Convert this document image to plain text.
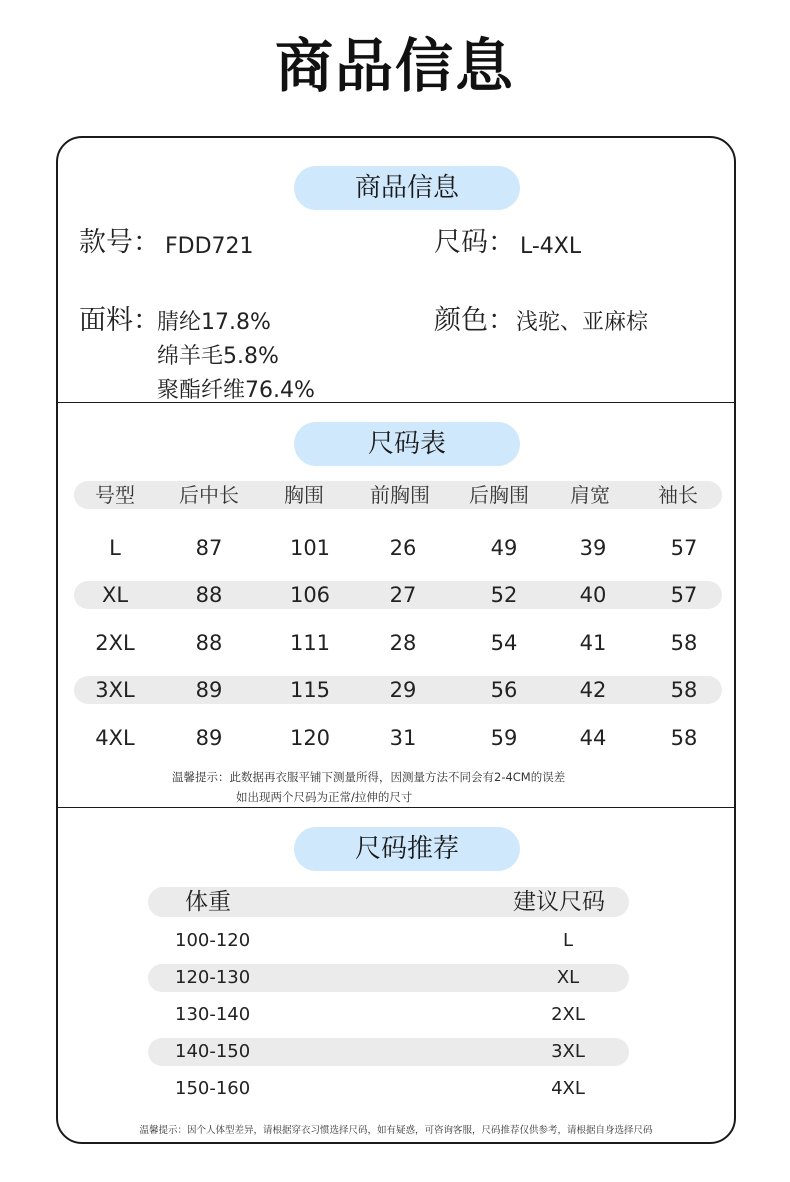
商品信息
商品信息
款号： FDD721	尺码： L-4XL
面料：
腈纶17.8%
绵羊毛5.8%
聚酯纤维76.4%
颜色： 浅驼、亚麻棕
尺码表
号型	后中长	胸围	前胸围	后胸围	肩宽	袖长
L	87	101	26	49	39	57
XL	88	106	27	52	40	57
2XL	88	111	28	54	41	58
3XL	89	115	29	56	42	58
4XL	89	120	31	59	44	58
温馨提示：此数据再衣服平铺下测量所得，因测量方法不同会有2-4CM的误差
如出现两个尺码为正常/拉伸的尺寸
尺码推荐
体重	建议尺码
100-120	L
120-130	XL
130-140	2XL
140-150	3XL
150-160	4XL
温馨提示：因个人体型差异，请根据穿衣习惯选择尺码，如有疑惑，可咨询客服，尺码推荐仅供参考，请根据自身选择尺码
